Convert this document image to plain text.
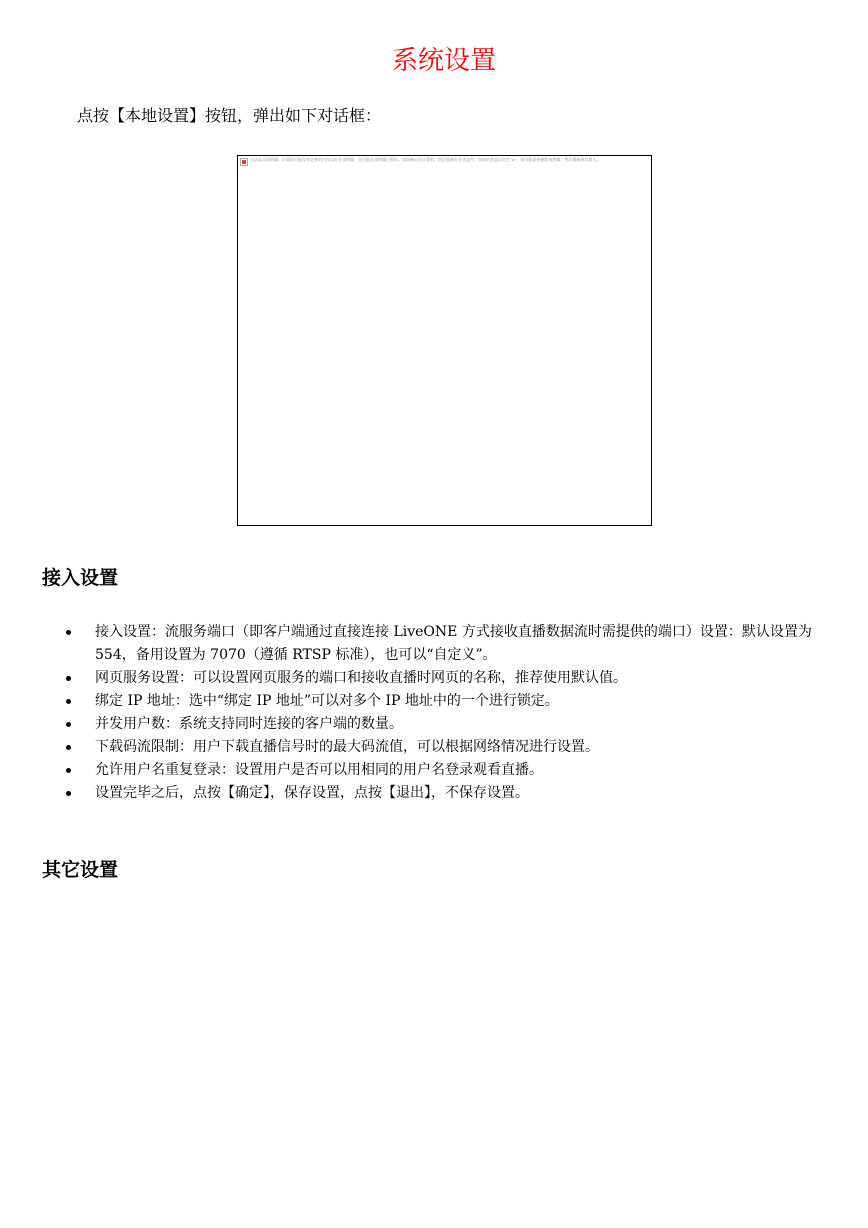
系统设置
点按【本地设置】按钮，弹出如下对话框：
无法显示该图像。计算机可能没有足够的内存以打开该图像，也可能是该图像已损坏。请重新启动计算机，然后重新打开该文件。如果仍然显示红色“x”，则可能需要删除该图像，然后重新将其插入。
接入设置
接入设置：流服务端口（即客户端通过直接连接 LiveONE 方式接收直播数据流时需提供的端口）设置：默认设置为 554，备用设置为 7070（遵循 RTSP 标准），也可以“自定义”。
网页服务设置：可以设置网页服务的端口和接收直播时网页的名称，推荐使用默认值。
绑定 IP 地址：选中“绑定 IP 地址”可以对多个 IP 地址中的一个进行锁定。
并发用户数：系统支持同时连接的客户端的数量。
下载码流限制：用户下载直播信号时的最大码流值，可以根据网络情况进行设置。
允许用户名重复登录：设置用户是否可以用相同的用户名登录观看直播。
设置完毕之后，点按【确定】，保存设置，点按【退出】，不保存设置。
其它设置
